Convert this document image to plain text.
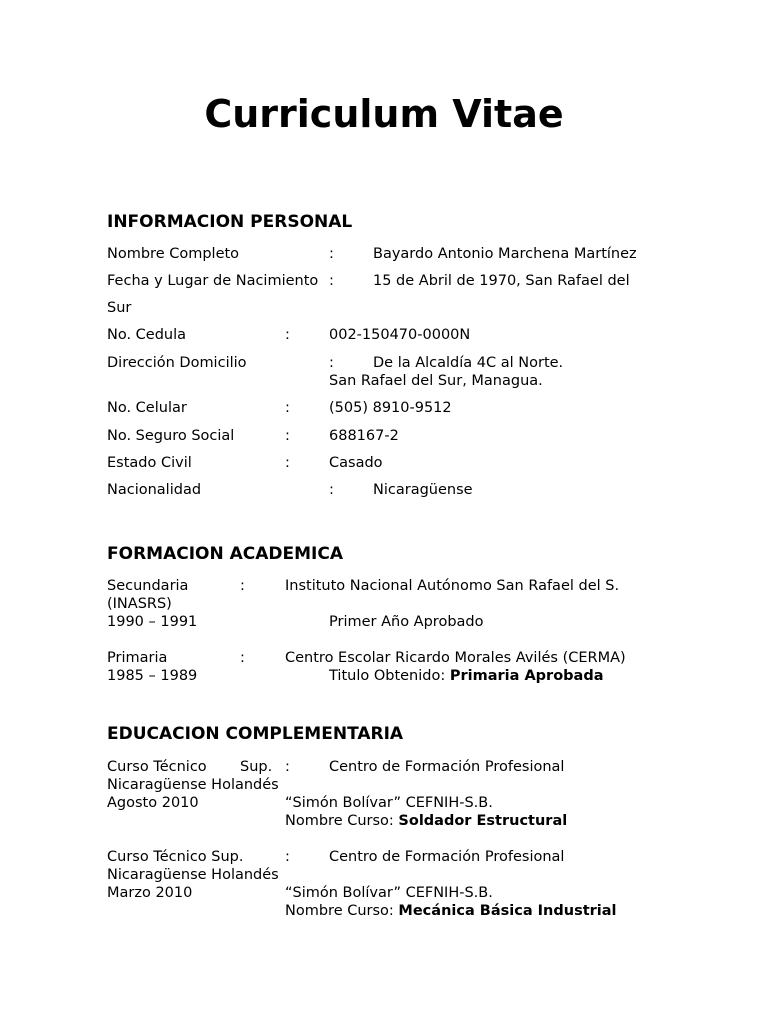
Curriculum Vitae
INFORMACION PERSONAL
Nombre Completo	:	Bayardo Antonio Marchena Martínez
Fecha y Lugar de Nacimiento :	15 de Abril de 1970, San Rafael del
Sur
No. Cedula	:	002-150470-0000N
Dirección Domicilio	:	De la Alcaldía 4C al Norte.
San Rafael del Sur, Managua.
No. Celular	:	(505) 8910-9512
No. Seguro Social	:	688167-2
Estado Civil	:	Casado
Nacionalidad	:	Nicaragüense
FORMACION ACADEMICA
Secundaria	:	Instituto Nacional Autónomo San Rafael del S.
(INASRS)
1990 – 1991	Primer Año Aprobado
Primaria	:	Centro Escolar Ricardo Morales Avilés (CERMA)
1985 – 1989	Titulo Obtenido: Primaria Aprobada
EDUCACION COMPLEMENTARIA
Curso Técnico Sup. :	Centro de Formación Profesional
Nicaragüense Holandés
Agosto 2010	“Simón Bolívar” CEFNIH-S.B.
Nombre Curso: Soldador Estructural
Curso Técnico Sup.	:	Centro de Formación Profesional
Nicaragüense Holandés
Marzo 2010	“Simón Bolívar” CEFNIH-S.B.
Nombre Curso: Mecánica Básica Industrial
